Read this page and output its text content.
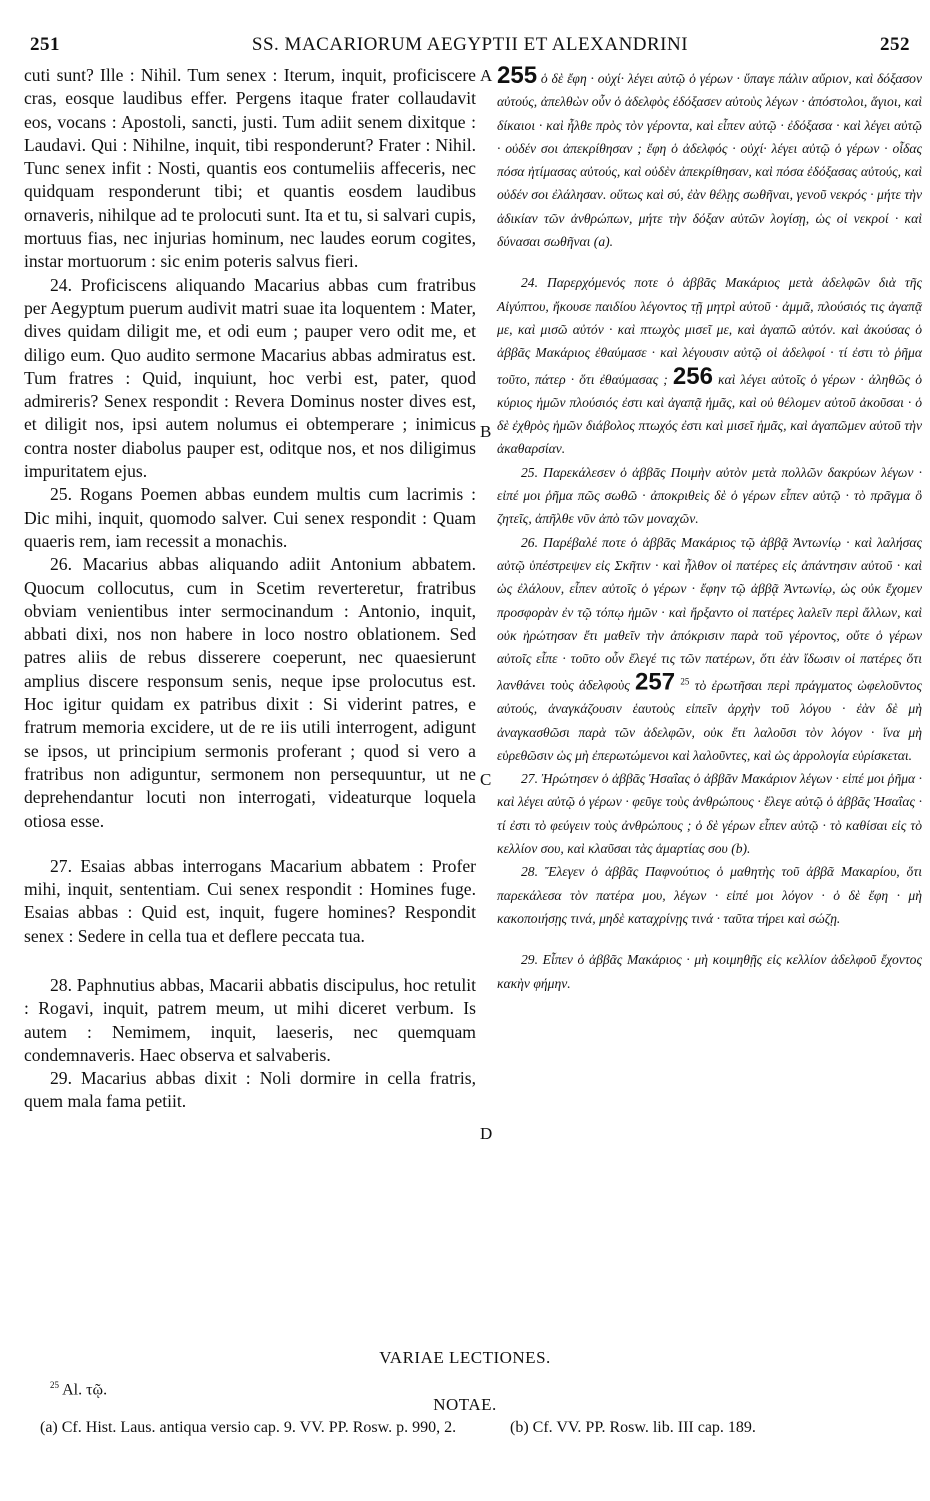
251	SS. MACARIORUM AEGYPTII ET ALEXANDRINI	252
A
B
C
D

cuti sunt? Ille : Nihil. Tum senex : Iterum, inquit, proficiscere cras, eosque laudibus effer. Pergens itaque frater collaudavit eos, vocans : Apostoli, sancti, justi. Tum adiit senem dixitque : Laudavi. Qui : Nihilne, inquit, tibi responderunt? Frater : Nihil. Tunc senex infit : Nosti, quantis eos contumeliis affeceris, nec quidquam responderunt tibi; et quantis eosdem laudibus ornaveris, nihilque ad te prolocuti sunt. Ita et tu, si salvari cupis, mortuus fias, nec injurias hominum, nec laudes eorum cogites, instar mortuorum : sic enim poteris salvus fieri.

24. Proficiscens aliquando Macarius abbas cum fratribus per Aegyptum puerum audivit matri suae ita loquentem : Mater, dives quidam diligit me, et odi eum ; pauper vero odit me, et diligo eum. Quo audito sermone Macarius abbas admiratus est. Tum fratres : Quid, inquiunt, hoc verbi est, pater, quod admireris? Senex respondit : Revera Dominus noster dives est, et diligit nos, ipsi autem nolumus ei obtemperare ; inimicus contra noster diabolus pauper est, oditque nos, et nos diligimus impuritatem ejus.

25. Rogans Poemen abbas eundem multis cum lacrimis : Dic mihi, inquit, quomodo salver. Cui senex respondit : Quam quaeris rem, iam recessit a monachis.

26. Macarius abbas aliquando adiit Antonium abbatem. Quocum collocutus, cum in Scetim reverteretur, fratribus obviam venientibus inter sermocinandum : Antonio, inquit, abbati dixi, nos non habere in loco nostro oblationem. Sed patres aliis de rebus disserere coeperunt, nec quaesierunt amplius discere responsum senis, neque ipse prolocutus est. Hoc igitur quidam ex patribus dixit : Si viderint patres, e fratrum memoria excidere, ut de re iis utili interrogent, adigunt se ipsos, ut principium sermonis proferant ; quod si vero a fratribus non adiguntur, sermonem non persequuntur, ut ne deprehendantur locuti non interrogati, videaturque loquela otiosa esse.

27. Esaias abbas interrogans Macarium abbatem : Profer mihi, inquit, sententiam. Cui senex respondit : Homines fuge. Esaias abbas : Quid est, inquit, fugere homines? Respondit senex : Sedere in cella tua et deflere peccata tua.

28. Paphnutius abbas, Macarii abbatis discipulus, hoc retulit : Rogavi, inquit, patrem meum, ut mihi diceret verbum. Is autem : Nemimem, inquit, laeseris, nec quemquam condemnaveris. Haec observa et salvaberis.

29. Macarius abbas dixit : Noli dormire in cella fratris, quem mala fama petiit.

255 ὁ δὲ ἔφη · οὐχί· λέγει αὐτῷ ὁ γέρων · ὕπαγε πάλιν αὔριον, καὶ δόξασον αὐτούς, ἀπελθὼν οὖν ὁ ἀδελφὸς ἐδόξασεν αὐτοὺς λέγων · ἀπόστολοι, ἅγιοι, καὶ δίκαιοι · καὶ ἦλθε πρὸς τὸν γέροντα, καὶ εἶπεν αὐτῷ · ἐδόξασα · καὶ λέγει αὐτῷ · οὐδέν σοι ἀπεκρίθησαν ; ἔφη ὁ ἀδελφός · οὐχί· λέγει αὐτῷ ὁ γέρων · οἶδας πόσα ἠτίμασας αὐτούς, καὶ οὐδὲν ἀπεκρίθησαν, καὶ πόσα ἐδόξασας αὐτούς, καὶ οὐδέν σοι ἐλάλησαν. οὕτως καὶ σύ, ἐὰν θέλῃς σωθῆναι, γενοῦ νεκρός · μήτε τὴν ἀδικίαν τῶν ἀνθρώπων, μήτε τὴν δόξαν αὐτῶν λογίσῃ, ὡς οἱ νεκροί · καὶ δύνασαι σωθῆναι (a).

24. Παρερχόμενός ποτε ὁ ἀββᾶς Μακάριος μετὰ ἀδελφῶν διὰ τῆς Αἰγύπτου, ἤκουσε παιδίου λέγοντος τῇ μητρὶ αὐτοῦ · ἀμμᾶ, πλούσιός τις ἀγαπᾷ με, καὶ μισῶ αὐτόν · καὶ πτωχὸς μισεῖ με, καὶ ἀγαπῶ αὐτόν. καὶ ἀκούσας ὁ ἀββᾶς Μακάριος ἐθαύμασε · καὶ λέγουσιν αὐτῷ οἱ ἀδελφοί · τί ἐστι τὸ ῥῆμα τοῦτο, πάτερ · ὅτι ἐθαύμασας ; 256 καὶ λέγει αὐτοῖς ὁ γέρων · ἀληθῶς ὁ κύριος ἡμῶν πλούσιός ἐστι καὶ ἀγαπᾷ ἡμᾶς, καὶ οὐ θέλομεν αὐτοῦ ἀκοῦσαι · ὁ δὲ ἐχθρὸς ἡμῶν διάβολος πτωχός ἐστι καὶ μισεῖ ἡμᾶς, καὶ ἀγαπῶμεν αὐτοῦ τὴν ἀκαθαρσίαν.

25. Παρεκάλεσεν ὁ ἀββᾶς Ποιμὴν αὐτὸν μετὰ πολλῶν δακρύων λέγων · εἰπέ μοι ῥῆμα πῶς σωθῶ · ἀποκριθεὶς δὲ ὁ γέρων εἶπεν αὐτῷ · τὸ πρᾶγμα ὃ ζητεῖς, ἀπῆλθε νῦν ἀπὸ τῶν μοναχῶν.

26. Παρέβαλέ ποτε ὁ ἀββᾶς Μακάριος τῷ ἀββᾷ Ἀντωνίῳ · καὶ λαλήσας αὐτῷ ὑπέστρεψεν εἰς Σκῆτιν · καὶ ἦλθον οἱ πατέρες εἰς ἀπάντησιν αὐτοῦ · καὶ ὡς ἐλάλουν, εἶπεν αὐτοῖς ὁ γέρων · ἔφην τῷ ἀββᾷ Ἀντωνίῳ, ὡς οὐκ ἔχομεν προσφορὰν ἐν τῷ τόπῳ ἡμῶν · καὶ ἤρξαντο οἱ πατέρες λαλεῖν περὶ ἄλλων, καὶ οὐκ ἠρώτησαν ἔτι μαθεῖν τὴν ἀπόκρισιν παρὰ τοῦ γέροντος, οὔτε ὁ γέρων αὐτοῖς εἶπε · τοῦτο οὖν ἔλεγέ τις τῶν πατέρων, ὅτι ἐὰν ἴδωσιν οἱ πατέρες ὅτι λανθάνει τοὺς ἀδελφοὺς 257 $^{25}$ τὸ ἐρωτῆσαι περὶ πράγματος ὠφελοῦντος αὐτούς, ἀναγκάζουσιν ἑαυτοὺς εἰπεῖν ἀρχὴν τοῦ λόγου · ἐὰν δὲ μὴ ἀναγκασθῶσι παρὰ τῶν ἀδελφῶν, οὐκ ἔτι λαλοῦσι τὸν λόγον · ἵνα μὴ εὑρεθῶσιν ὡς μὴ ἐπερωτώμενοι καὶ λαλοῦντες, καὶ ὡς ἀρρολογία εὑρίσκεται.

27. Ἠρώτησεν ὁ ἀββᾶς Ἡσαΐας ὁ ἀββᾶν Μακάριον λέγων · εἰπέ μοι ῥῆμα · καὶ λέγει αὐτῷ ὁ γέρων · φεῦγε τοὺς ἀνθρώπους · ἔλεγε αὐτῷ ὁ ἀββᾶς Ἡσαΐας · τί ἐστι τὸ φεύγειν τοὺς ἀνθρώπους ; ὁ δὲ γέρων εἶπεν αὐτῷ · τὸ καθίσαι εἰς τὸ κελλίον σου, καὶ κλαῦσαι τὰς ἁμαρτίας σου (b).

28. Ἔλεγεν ὁ ἀββᾶς Παφνούτιος ὁ μαθητὴς τοῦ ἀββᾶ Μακαρίου, ὅτι παρεκάλεσα τὸν πατέρα μου, λέγων · εἰπέ μοι λόγον · ὁ δὲ ἔφη · μὴ κακοποιήσῃς τινά, μηδὲ καταχρίνῃς τινά · ταῦτα τήρει καὶ σώζῃ.

29. Εἶπεν ὁ ἀββᾶς Μακάριος · μὴ κοιμηθῇς εἰς κελλίον ἀδελφοῦ ἔχοντος κακὴν φήμην.

VARIAE LECTIONES.
$^{25}$ Al. τῷ.
NOTAE.
(a) Cf. Hist. Laus. antiqua versio cap. 9. VV. PP. Rosw. p. 990, 2.	(b) Cf. VV. PP. Rosw. lib. III cap. 189.
